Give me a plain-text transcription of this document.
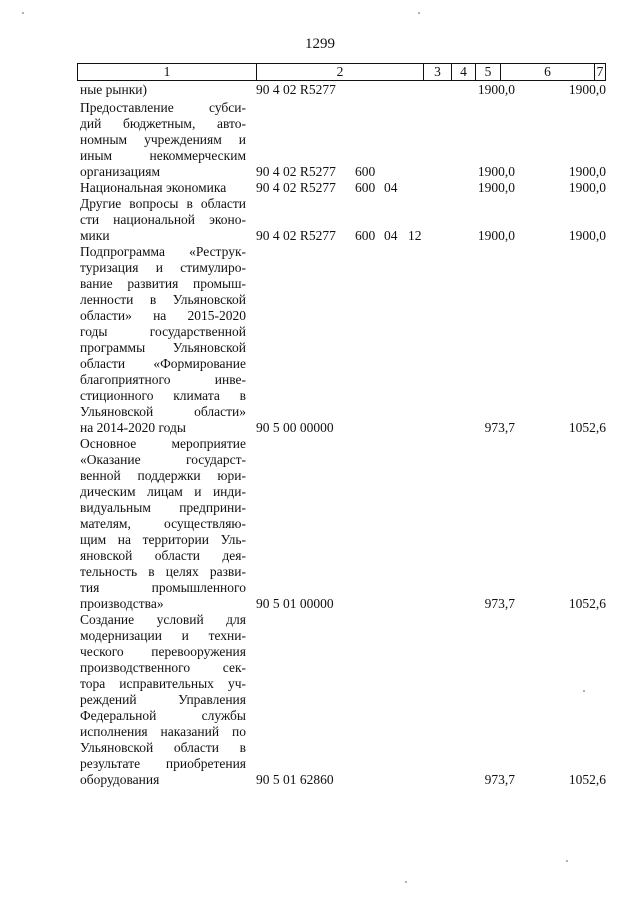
1299
1	2	3	4	5	6	7
ные рынки)	90 4 02 R5277	1900,0	1900,0
Предоставление субси-
дий бюджетным, авто-
номным учреждениям и
иным некоммерческим
организациям	90 4 02 R5277 600	1900,0	1900,0
Национальная экономика	90 4 02 R5277 600 04	1900,0	1900,0
Другие вопросы в области
сти национальной эконо-
мики	90 4 02 R5277 600 04 12	1900,0	1900,0
Подпрограмма «Реструк-
туризация и стимулиро-
вание развития промыш-
ленности в Ульяновской
области» на 2015-2020
годы государственной
программы Ульяновской
области «Формирование
благоприятного инве-
стиционного климата в
Ульяновской области»
на 2014-2020 годы	90 5 00 00000	973,7	1052,6
Основное мероприятие
«Оказание государст-
венной поддержки юри-
дическим лицам и инди-
видуальным предприни-
мателям, осуществляю-
щим на территории Уль-
яновской области дея-
тельность в целях разви-
тия промышленного
производства»	90 5 01 00000	973,7	1052,6
Создание условий для
модернизации и техни-
ческого перевооружения
производственного сек-
тора исправительных уч-
реждений Управления
Федеральной службы
исполнения наказаний по
Ульяновской области в
результате приобретения
оборудования	90 5 01 62860	973,7	1052,6
